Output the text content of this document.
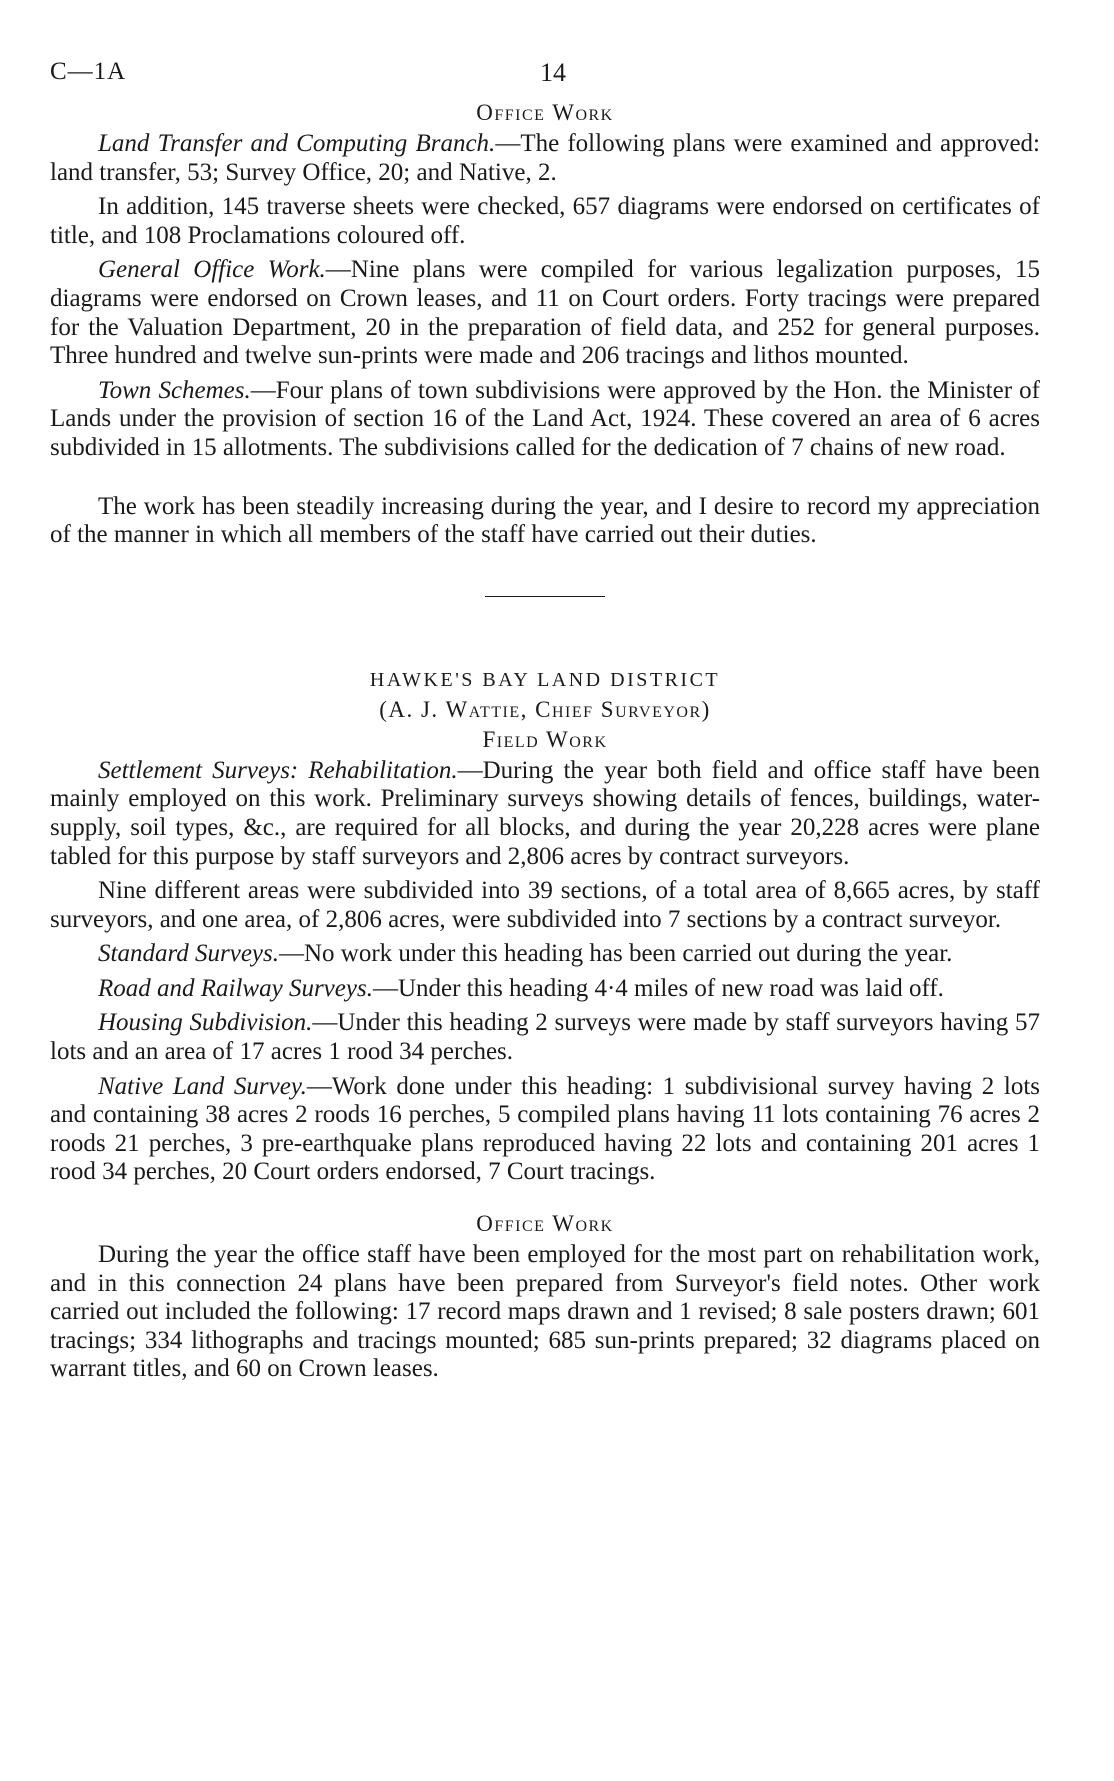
C—1A	14

Office Work

Land Transfer and Computing Branch.—The following plans were examined and approved: land transfer, 53; Survey Office, 20; and Native, 2.

In addition, 145 traverse sheets were checked, 657 diagrams were endorsed on certificates of title, and 108 Proclamations coloured off.

General Office Work.—Nine plans were compiled for various legalization purposes, 15 diagrams were endorsed on Crown leases, and 11 on Court orders. Forty tracings were prepared for the Valuation Department, 20 in the preparation of field data, and 252 for general purposes. Three hundred and twelve sun-prints were made and 206 tracings and lithos mounted.

Town Schemes.—Four plans of town subdivisions were approved by the Hon. the Minister of Lands under the provision of section 16 of the Land Act, 1924. These covered an area of 6 acres subdivided in 15 allotments. The subdivisions called for the dedication of 7 chains of new road.

The work has been steadily increasing during the year, and I desire to record my appreciation of the manner in which all members of the staff have carried out their duties.

HAWKE'S BAY LAND DISTRICT

(A. J. Wattie, Chief Surveyor)

Field Work

Settlement Surveys: Rehabilitation.—During the year both field and office staff have been mainly employed on this work. Preliminary surveys showing details of fences, buildings, water-supply, soil types, &c., are required for all blocks, and during the year 20,228 acres were plane tabled for this purpose by staff surveyors and 2,806 acres by contract surveyors.

Nine different areas were subdivided into 39 sections, of a total area of 8,665 acres, by staff surveyors, and one area, of 2,806 acres, were subdivided into 7 sections by a contract surveyor.

Standard Surveys.—No work under this heading has been carried out during the year.

Road and Railway Surveys.—Under this heading 4·4 miles of new road was laid off.

Housing Subdivision.—Under this heading 2 surveys were made by staff surveyors having 57 lots and an area of 17 acres 1 rood 34 perches.

Native Land Survey.—Work done under this heading: 1 subdivisional survey having 2 lots and containing 38 acres 2 roods 16 perches, 5 compiled plans having 11 lots containing 76 acres 2 roods 21 perches, 3 pre-earthquake plans reproduced having 22 lots and containing 201 acres 1 rood 34 perches, 20 Court orders endorsed, 7 Court tracings.

Office Work

During the year the office staff have been employed for the most part on rehabilitation work, and in this connection 24 plans have been prepared from Surveyor's field notes. Other work carried out included the following: 17 record maps drawn and 1 revised; 8 sale posters drawn; 601 tracings; 334 lithographs and tracings mounted; 685 sun-prints prepared; 32 diagrams placed on warrant titles, and 60 on Crown leases.
